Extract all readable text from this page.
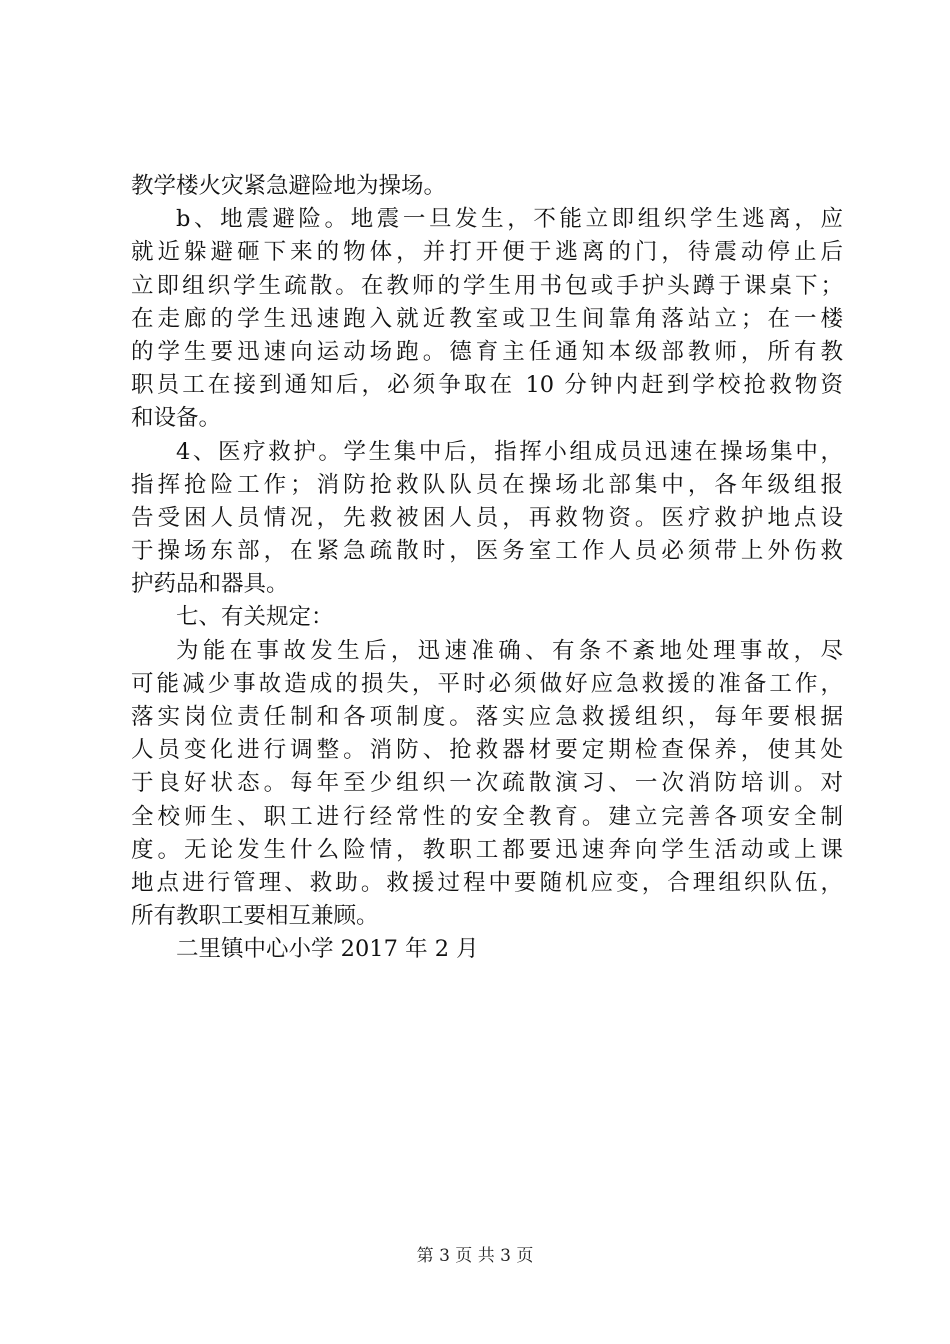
教学楼火灾紧急避险地为操场。
b、地震避险。地震一旦发生，不能立即组织学生逃离，应
就近躲避砸下来的物体，并打开便于逃离的门，待震动停止后
立即组织学生疏散。在教师的学生用书包或手护头蹲于课桌下；
在走廊的学生迅速跑入就近教室或卫生间靠角落站立；在一楼
的学生要迅速向运动场跑。德育主任通知本级部教师，所有教
职员工在接到通知后，必须争取在 10 分钟内赶到学校抢救物资
和设备。
4、医疗救护。学生集中后，指挥小组成员迅速在操场集中，
指挥抢险工作；消防抢救队队员在操场北部集中，各年级组报
告受困人员情况，先救被困人员，再救物资。医疗救护地点设
于操场东部，在紧急疏散时，医务室工作人员必须带上外伤救
护药品和器具。
七、有关规定：
为能在事故发生后，迅速准确、有条不紊地处理事故，尽
可能减少事故造成的损失，平时必须做好应急救援的准备工作，
落实岗位责任制和各项制度。落实应急救援组织，每年要根据
人员变化进行调整。消防、抢救器材要定期检查保养，使其处
于良好状态。每年至少组织一次疏散演习、一次消防培训。对
全校师生、职工进行经常性的安全教育。建立完善各项安全制
度。无论发生什么险情，教职工都要迅速奔向学生活动或上课
地点进行管理、救助。救援过程中要随机应变，合理组织队伍，
所有教职工要相互兼顾。
二里镇中心小学 2017 年 2 月
第 3 页 共 3 页
